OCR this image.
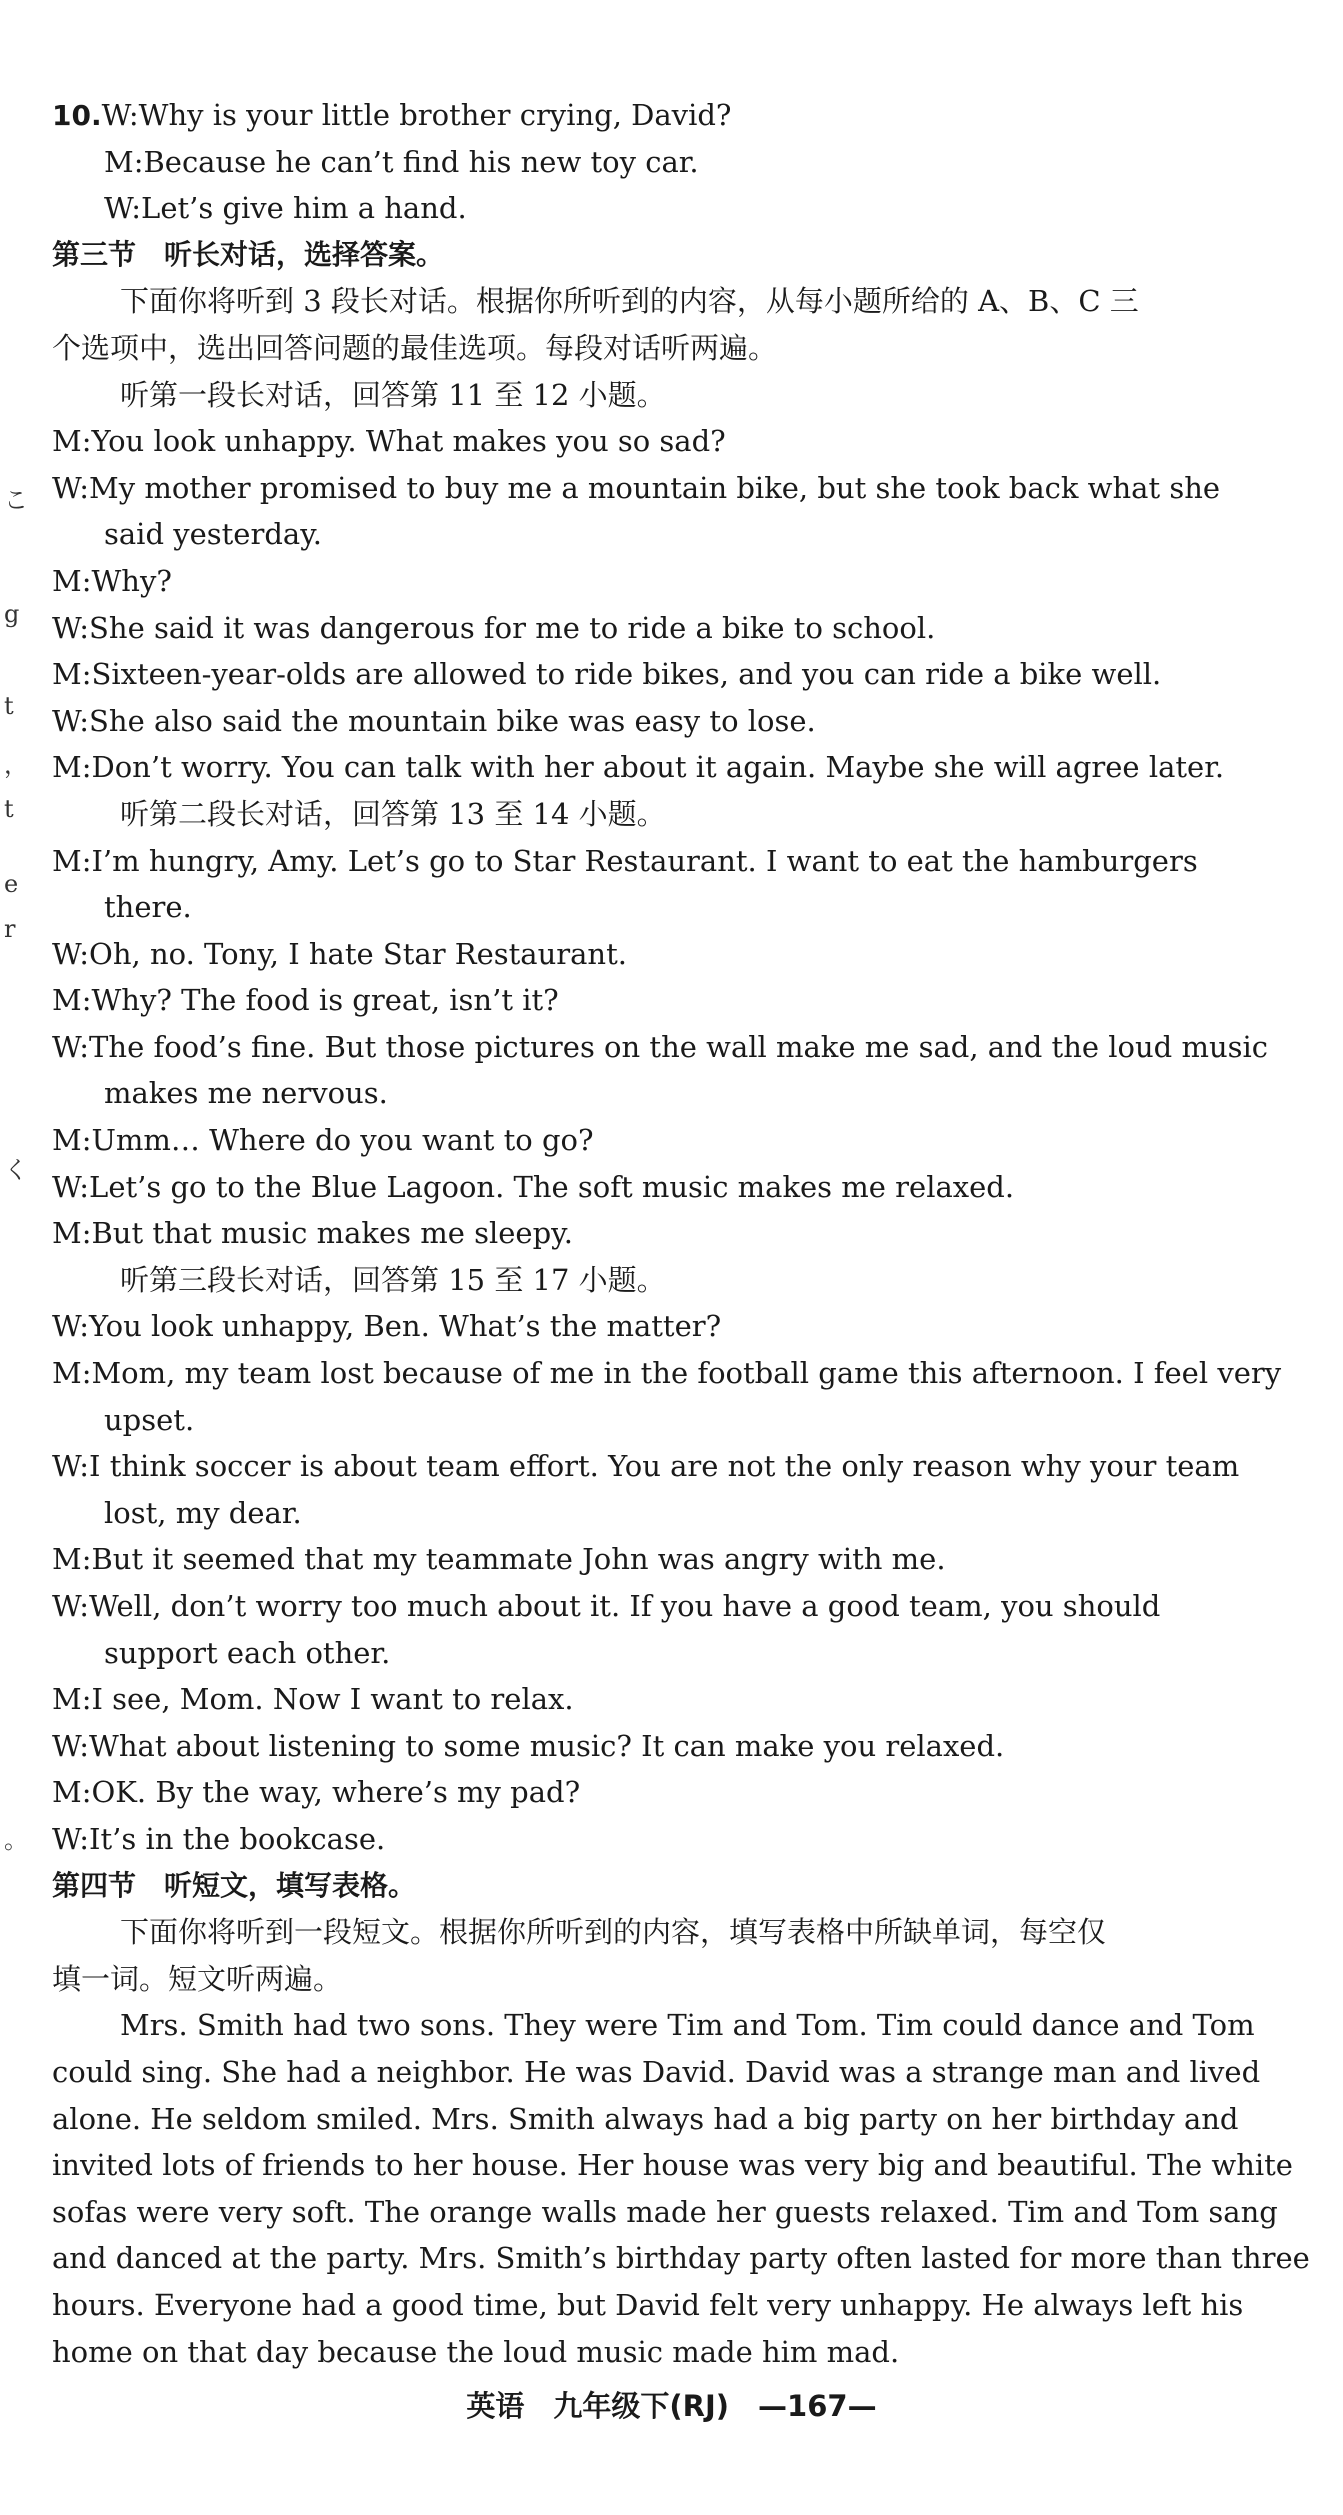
10.W:Why is your little brother crying, David?
M:Because he can’t find his new toy car.
W:Let’s give him a hand.
第三节　听长对话，选择答案。
下面你将听到 3 段长对话。根据你所听到的内容，从每小题所给的 A、B、C 三
个选项中，选出回答问题的最佳选项。每段对话听两遍。
听第一段长对话，回答第 11 至 12 小题。
M:You look unhappy. What makes you so sad?
W:My mother promised to buy me a mountain bike, but she took back what she
said yesterday.
M:Why?
W:She said it was dangerous for me to ride a bike to school.
M:Sixteen-year-olds are allowed to ride bikes, and you can ride a bike well.
W:She also said the mountain bike was easy to lose.
M:Don’t worry. You can talk with her about it again. Maybe she will agree later.
听第二段长对话，回答第 13 至 14 小题。
M:I’m hungry, Amy. Let’s go to Star Restaurant. I want to eat the hamburgers
there.
W:Oh, no. Tony, I hate Star Restaurant.
M:Why? The food is great, isn’t it?
W:The food’s fine. But those pictures on the wall make me sad, and the loud music
makes me nervous.
M:Umm… Where do you want to go?
W:Let’s go to the Blue Lagoon. The soft music makes me relaxed.
M:But that music makes me sleepy.
听第三段长对话，回答第 15 至 17 小题。
W:You look unhappy, Ben. What’s the matter?
M:Mom, my team lost because of me in the football game this afternoon. I feel very
upset.
W:I think soccer is about team effort. You are not the only reason why your team
lost, my dear.
M:But it seemed that my teammate John was angry with me.
W:Well, don’t worry too much about it. If you have a good team, you should
support each other.
M:I see, Mom. Now I want to relax.
W:What about listening to some music? It can make you relaxed.
M:OK. By the way, where’s my pad?
W:It’s in the bookcase.
第四节　听短文，填写表格。
下面你将听到一段短文。根据你所听到的内容，填写表格中所缺单词，每空仅
填一词。短文听两遍。
Mrs. Smith had two sons. They were Tim and Tom. Tim could dance and Tom
could sing. She had a neighbor. He was David. David was a strange man and lived
alone. He seldom smiled. Mrs. Smith always had a big party on her birthday and
invited lots of friends to her house. Her house was very big and beautiful. The white
sofas were very soft. The orange walls made her guests relaxed. Tim and Tom sang
and danced at the party. Mrs. Smith’s birthday party often lasted for more than three
hours. Everyone had a good time, but David felt very unhappy. He always left his
home on that day because the loud music made him mad.
英语　九年级下(RJ)　—167—
こ
g
t
，
t
e
r
く
。
